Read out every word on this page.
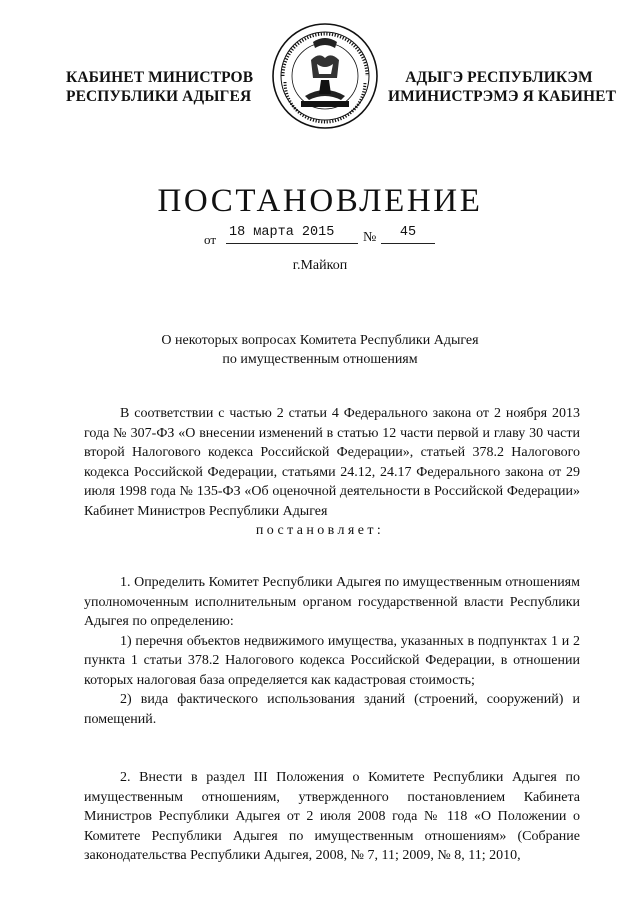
КАБИНЕТ МИНИСТРОВ
РЕСПУБЛИКИ АДЫГЕЯ
АДЫГЭ РЕСПУБЛИКЭМ
ИМИНИСТРЭМЭ Я КАБИНЕТ
ПОСТАНОВЛЕНИЕ
от 18 марта 2015	№	45
г.Майкоп
О некоторых вопросах Комитета Республики Адыгея
по имущественным отношениям
В соответствии с частью 2 статьи 4 Федерального закона от 2 ноября 2013 года № 307-ФЗ «О внесении изменений в статью 12 части первой и главу 30 части второй Налогового кодекса Российской Федерации», статьей 378.2 Налогового кодекса Российской Федерации, статьями 24.12, 24.17 Федерального закона от 29 июля 1998 года № 135-ФЗ «Об оценочной деятельности в Российской Федерации» Кабинет Министров Республики Адыгея
постановляет:
1. Определить Комитет Республики Адыгея по имущественным отношениям уполномоченным исполнительным органом государственной власти Республики Адыгея по определению:
1) перечня объектов недвижимого имущества, указанных в подпунктах 1 и 2 пункта 1 статьи 378.2 Налогового кодекса Российской Федерации, в отношении которых налоговая база определяется как кадастровая стоимость;
2) вида фактического использования зданий (строений, сооружений) и помещений.
2. Внести в раздел III Положения о Комитете Республики Адыгея по имущественным отношениям, утвержденного постановлением Кабинета Министров Республики Адыгея от 2 июля 2008 года № 118 «О Положении о Комитете Республики Адыгея по имущественным отношениям» (Собрание законодательства Республики Адыгея, 2008, № 7, 11; 2009, № 8, 11; 2010,
